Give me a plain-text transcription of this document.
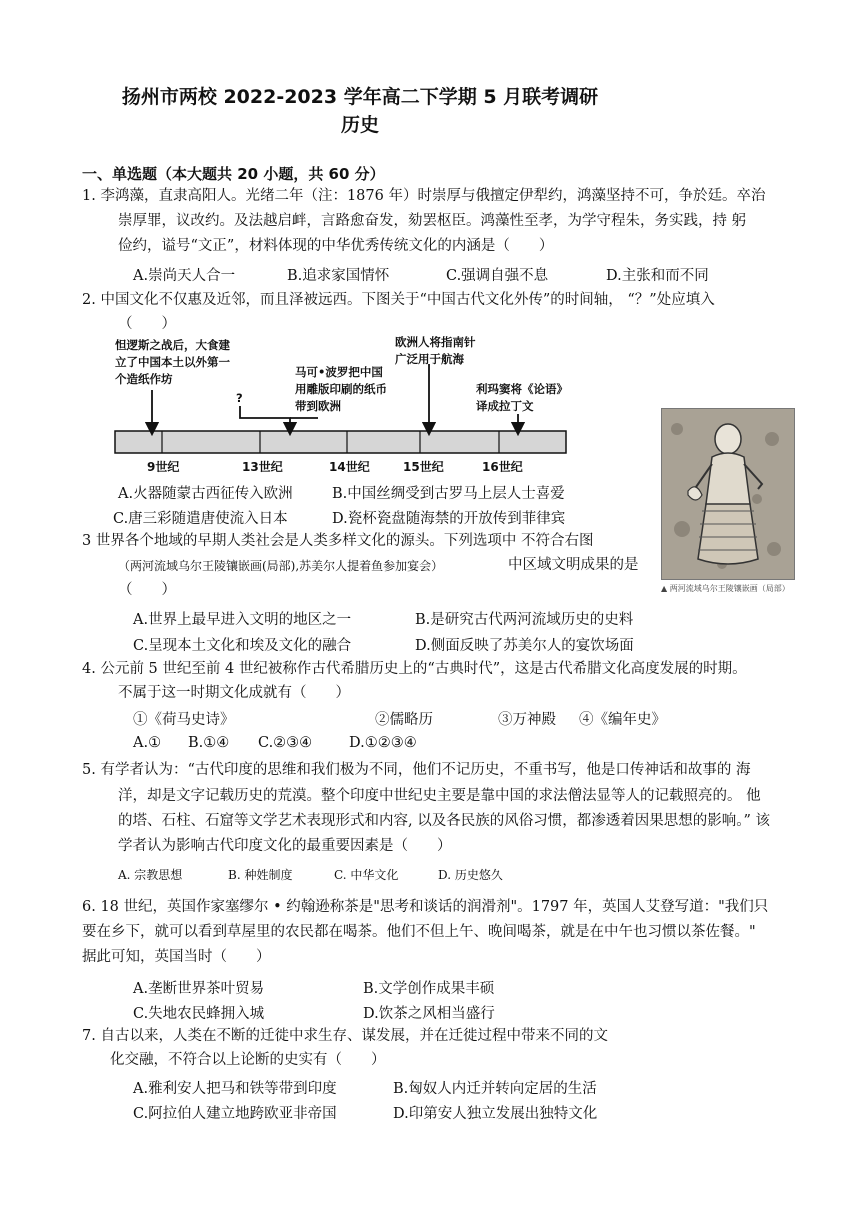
扬州市两校 2022-2023 学年高二下学期 5 月联考调研
历史
一、单选题（本大题共 20 小题，共 60 分）
1. 李鸿藻，直隶高阳人。光绪二年（注：1876 年）时崇厚与俄擅定伊犁约，鸿藻坚持不可，争於廷。卒治
崇厚罪，议改约。及法越启衅，言路愈奋发，劾罢枢臣。鸿藻性至孝，为学守程朱，务实践，持 躬
俭约，谥号“文正”，材料体现的中华优秀传统文化的内涵是（　　）
A.崇尚天人合一	B.追求家国情怀	C.强调自强不息	D.主张和而不同
2. 中国文化不仅惠及近邻，而且泽被远西。下图关于“中国古代文化外传”的时间轴， “？”处应填入
（　　）
怛逻斯之战后，大食建
立了中国本土以外第一
个造纸作坊
?
马可•波罗把中国
用雕版印刷的纸币
带到欧洲
欧洲人将指南针
广泛用于航海
利玛窦将《论语》
译成拉丁文
9世纪	13世纪	14世纪	15世纪	16世纪
A.火器随蒙古西征传入欧洲	B.中国丝绸受到古罗马上层人士喜爱
C.唐三彩随遣唐使流入日本	D.瓷杯瓷盘随海禁的开放传到菲律宾
▲ 两河流域乌尔王陵镶嵌画（局部）
3 世界各个地域的早期人类社会是人类多样文化的源头。下列选项中 不符合右图
（两河流域乌尔王陵镶嵌画(局部),苏美尔人提着鱼参加宴会）	中区域文明成果的是
（　　）
A.世界上最早进入文明的地区之一	B.是研究古代两河流域历史的史料
C.呈现本土文化和埃及文化的融合	D.侧面反映了苏美尔人的宴饮场面
4. 公元前 5 世纪至前 4 世纪被称作古代希腊历史上的“古典时代”，这是古代希腊文化高度发展的时期。
不属于这一时期文化成就有（　　）
①《荷马史诗》	②儒略历	③万神殿 ④《编年史》
A.① B.①④ C.②③④	D.①②③④
5. 有学者认为：“古代印度的思维和我们极为不同，他们不记历史，不重书写，他是口传神话和故事的 海
洋，却是文字记载历史的荒漠。整个印度中世纪史主要是靠中国的求法僧法显等人的记载照亮的。 他
的塔、石柱、石窟等文学艺术表现形式和内容, 以及各民族的风俗习惯，都渗透着因果思想的影响。” 该
学者认为影响古代印度文化的最重要因素是（　　）
A. 宗教思想	B. 种姓制度	C. 中华文化	D. 历史悠久
6. 18 世纪，英国作家塞缪尔 • 约翰逊称茶是"思考和谈话的润滑剂"。1797 年，英国人艾登写道："我们只
要在乡下，就可以看到草屋里的农民都在喝茶。他们不但上午、晚间喝茶，就是在中午也习惯以茶佐餐。"
据此可知，英国当时（　　）
A.垄断世界茶叶贸易	B.文学创作成果丰硕
C.失地农民蜂拥入城	D.饮茶之风相当盛行
7. 自古以来，人类在不断的迁徙中求生存、谋发展，并在迁徙过程中带来不同的文
化交融，不符合以上论断的史实有（　　）
A.雅利安人把马和铁等带到印度	B.匈奴人内迁并转向定居的生活
C.阿拉伯人建立地跨欧亚非帝国	D.印第安人独立发展出独特文化
